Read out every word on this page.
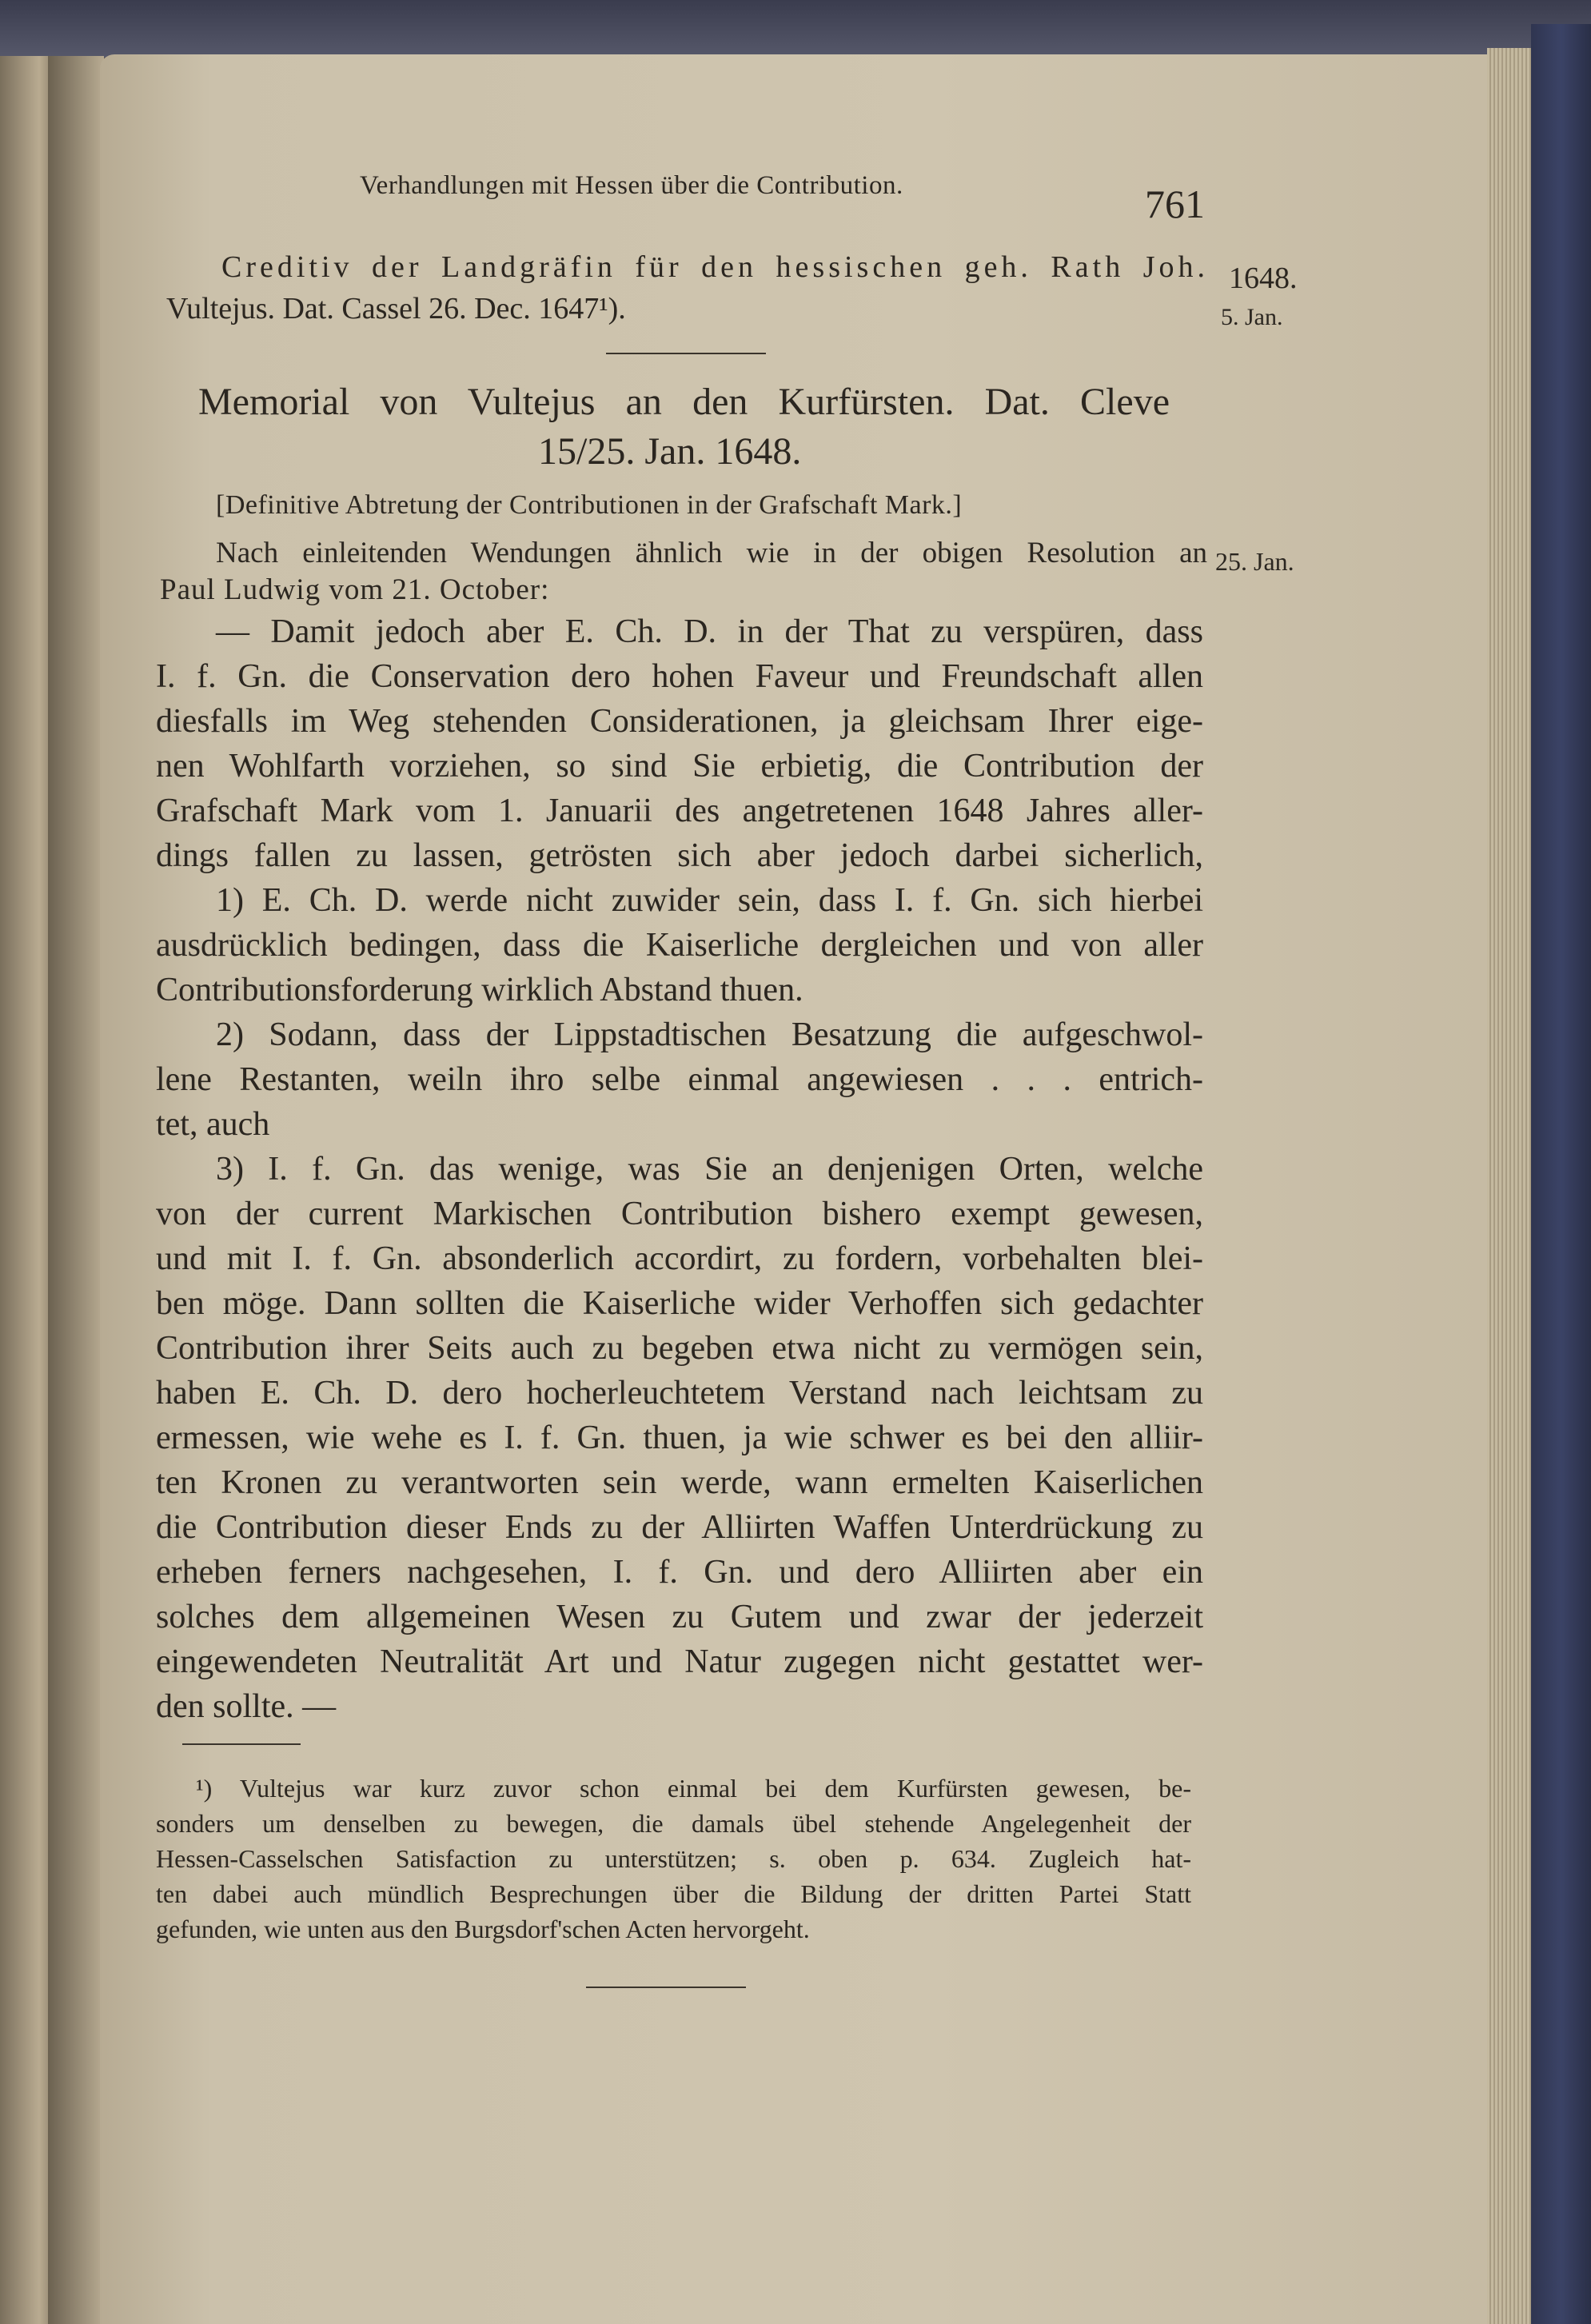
Verhandlungen mit Hessen über die Contribution.	761
Creditiv der Landgräfin für den hessischen geh. Rath Joh. 1648.
Vultejus. Dat. Cassel 26. Dec. 1647¹).	5. Jan.
Memorial von Vultejus an den Kurfürsten. Dat. Cleve
15/25. Jan. 1648.
[Definitive Abtretung der Contributionen in der Grafschaft Mark.]
Nach einleitenden Wendungen ähnlich wie in der obigen Resolution an 25. Jan.
Paul Ludwig vom 21. October:
— Damit jedoch aber E. Ch. D. in der That zu verspüren, dass
I. f. Gn. die Conservation dero hohen Faveur und Freundschaft allen
diesfalls im Weg stehenden Considerationen, ja gleichsam Ihrer eige-
nen Wohlfarth vorziehen, so sind Sie erbietig, die Contribution der
Grafschaft Mark vom 1. Januarii des angetretenen 1648 Jahres aller-
dings fallen zu lassen, getrösten sich aber jedoch darbei sicherlich,
1) E. Ch. D. werde nicht zuwider sein, dass I. f. Gn. sich hierbei
ausdrücklich bedingen, dass die Kaiserliche dergleichen und von aller
Contributionsforderung wirklich Abstand thuen.
2) Sodann, dass der Lippstadtischen Besatzung die aufgeschwol-
lene Restanten, weiln ihro selbe einmal angewiesen . . . entrich-
tet, auch
3) I. f. Gn. das wenige, was Sie an denjenigen Orten, welche
von der current Markischen Contribution bishero exempt gewesen,
und mit I. f. Gn. absonderlich accordirt, zu fordern, vorbehalten blei-
ben möge. Dann sollten die Kaiserliche wider Verhoffen sich gedachter
Contribution ihrer Seits auch zu begeben etwa nicht zu vermögen sein,
haben E. Ch. D. dero hocherleuchtetem Verstand nach leichtsam zu
ermessen, wie wehe es I. f. Gn. thuen, ja wie schwer es bei den alliir-
ten Kronen zu verantworten sein werde, wann ermelten Kaiserlichen
die Contribution dieser Ends zu der Alliirten Waffen Unterdrückung zu
erheben ferners nachgesehen, I. f. Gn. und dero Alliirten aber ein
solches dem allgemeinen Wesen zu Gutem und zwar der jederzeit
eingewendeten Neutralität Art und Natur zugegen nicht gestattet wer-
den sollte. —
¹) Vultejus war kurz zuvor schon einmal bei dem Kurfürsten gewesen, be-
sonders um denselben zu bewegen, die damals übel stehende Angelegenheit der
Hessen-Casselschen Satisfaction zu unterstützen; s. oben p. 634. Zugleich hat-
ten dabei auch mündlich Besprechungen über die Bildung der dritten Partei Statt
gefunden, wie unten aus den Burgsdorf'schen Acten hervorgeht.
